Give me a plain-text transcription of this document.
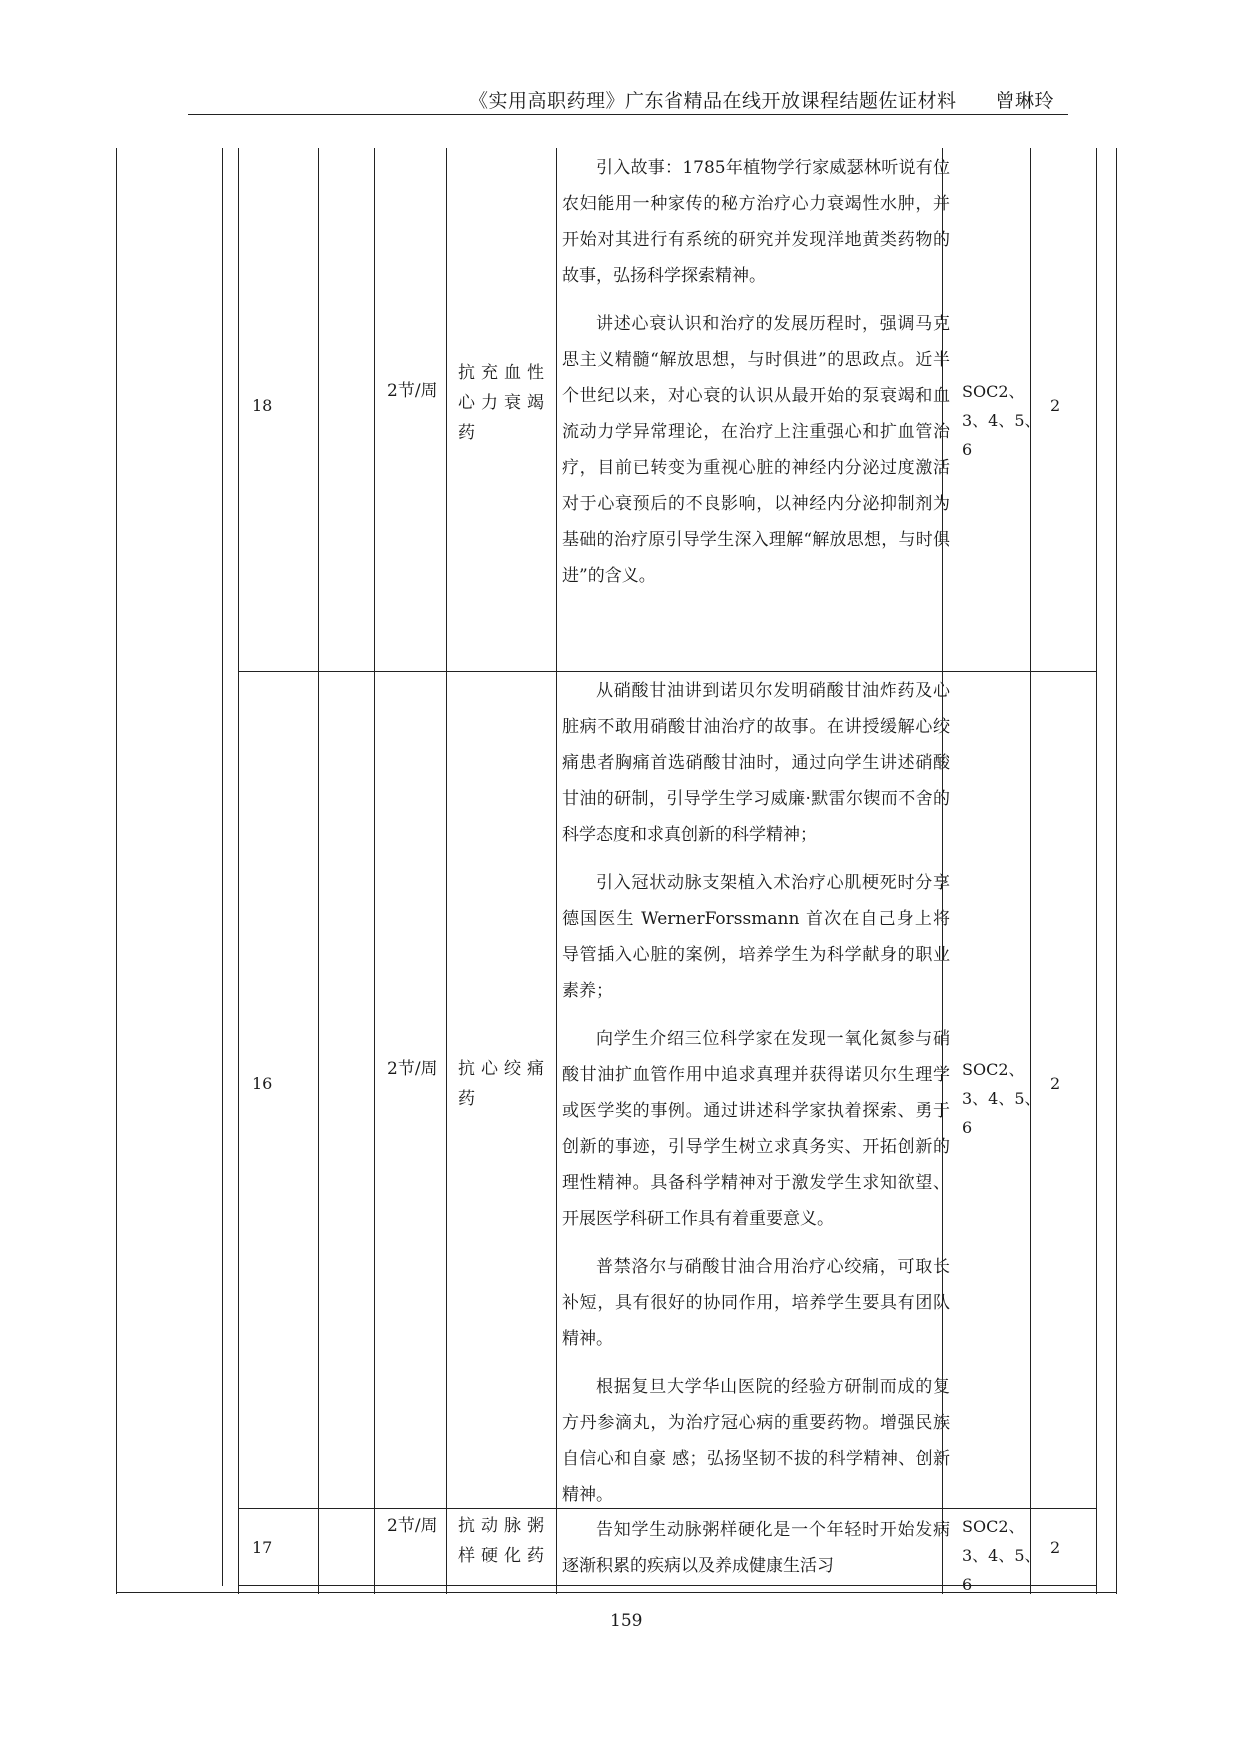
《实用高职药理》广东省精品在线开放课程结题佐证材料　　曾琳玲
18
2节/周
抗充血性心力衰竭药

引入故事：1785年植物学行家威瑟林听说有位农妇能用一种家传的秘方治疗心力衰竭性水肿，并开始对其进行有系统的研究并发现洋地黄类药物的故事，弘扬科学探索精神。

讲述心衰认识和治疗的发展历程时，强调马克思主义精髓“解放思想，与时俱进”的思政点。近半个世纪以来，对心衰的认识从最开始的泵衰竭和血流动力学异常理论，在治疗上注重强心和扩血管治疗，目前已转变为重视心脏的神经内分泌过度激活对于心衰预后的不良影响，以神经内分泌抑制剂为基础的治疗原引导学生深入理解“解放思想，与时俱进”的含义。

SOC2、3、4、5、6
2
16
2节/周	抗心绞痛药

从硝酸甘油讲到诺贝尔发明硝酸甘油炸药及心脏病不敢用硝酸甘油治疗的故事。在讲授缓解心绞痛患者胸痛首选硝酸甘油时，通过向学生讲述硝酸甘油的研制，引导学生学习威廉·默雷尔锲而不舍的科学态度和求真创新的科学精神；

引入冠状动脉支架植入术治疗心肌梗死时分享德国医生 WernerForssmann 首次在自己身上将导管插入心脏的案例，培养学生为科学献身的职业素养；

向学生介绍三位科学家在发现一氧化氮参与硝酸甘油扩血管作用中追求真理并获得诺贝尔生理学或医学奖的事例。通过讲述科学家执着探索、勇于创新的事迹，引导学生树立求真务实、开拓创新的理性精神。具备科学精神对于激发学生求知欲望、开展医学科研工作具有着重要意义。

普禁洛尔与硝酸甘油合用治疗心绞痛，可取长补短，具有很好的协同作用，培养学生要具有团队精神。

根据复旦大学华山医院的经验方研制而成的复方丹参滴丸，为治疗冠心病的重要药物。增强民族自信心和自豪 感；弘扬坚韧不拔的科学精神、创新精神。

SOC2、3、4、5、6
2
17
2节/周	抗动脉粥样硬化药

告知学生动脉粥样硬化是一个年轻时开始发病逐渐积累的疾病以及养成健康生活习

SOC2、3、4、5、6
2
159
